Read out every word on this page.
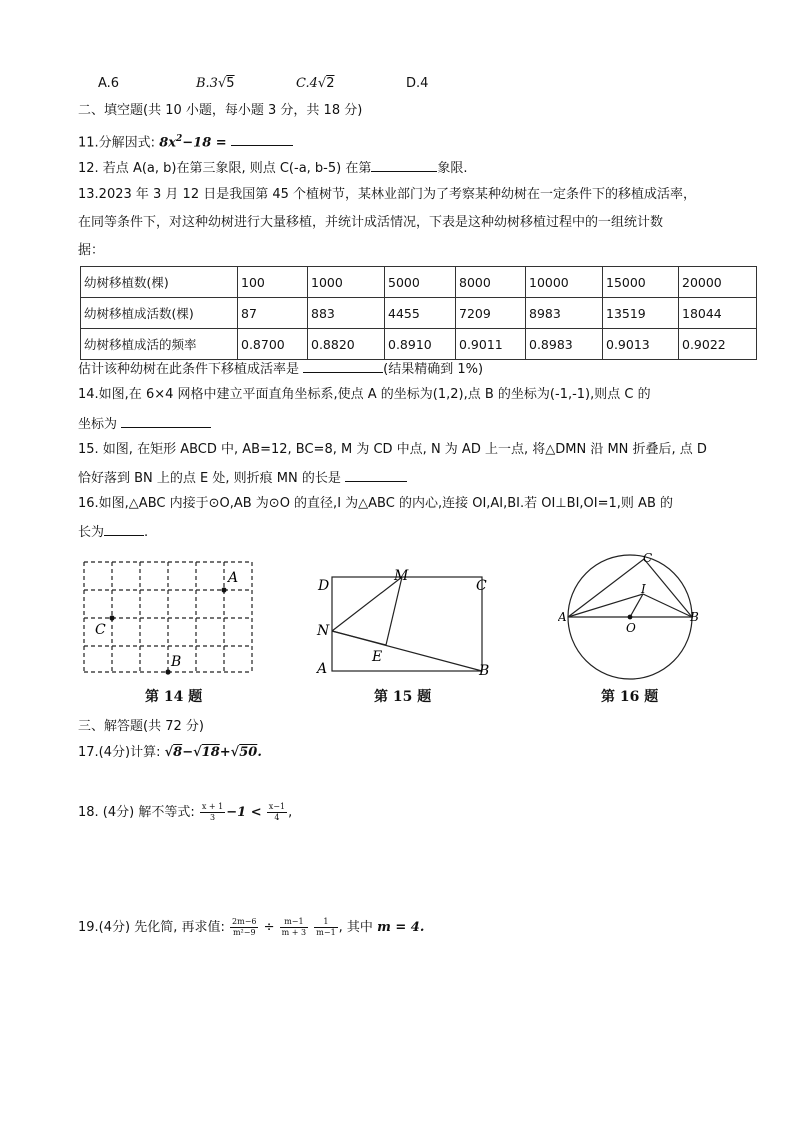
A.6	B.3√5	C.4√2	D.4
二、填空题(共 10 小题，每小题 3 分，共 18 分)
11.分解因式: $8x^2-18$ =
12. 若点 A(a, b)在第三象限, 则点 C(-a, b-5) 在第	象限.
13.2023 年 3 月 12 日是我国第 45 个植树节，某林业部门为了考察某种幼树在一定条件下的移植成活率，
在同等条件下，对这种幼树进行大量移植，并统计成活情况，下表是这种幼树移植过程中的一组统计数
据：
幼树移植数(棵)	100	1000	5000	8000	10000	15000	20000
幼树移植成活数(棵)	87	883	4455	7209	8983	13519	18044
幼树移植成活的频率	0.8700	0.8820	0.8910	0.9011	0.8983	0.9013	0.9022
估计该种幼树在此条件下移植成活率是	(结果精确到 1%)
14.如图,在 6×4 网格中建立平面直角坐标系,使点 A 的坐标为(1,2),点 B 的坐标为(-1,-1),则点 C 的
坐标为
15. 如图, 在矩形 ABCD 中, AB=12, BC=8, M 为 CD 中点, N 为 AD 上一点, 将△DMN 沿 MN 折叠后, 点 D
恰好落到 BN 上的点 E 处, 则折痕 MN 的长是
16.如图,△ABC 内接于⊙O,AB 为⊙O 的直径,I 为△ABC 的内心,连接 OI,AI,BI.若 OI⊥BI,OI=1,则 AB 的
长为	.
A
C
B
第 14 题
D	C
M
N
E
A	B
第 15 题
C
I
A	B
O
第 16 题
三、解答题(共 72 分)
17.(4分)计算: √8−√18+√50.
18. (4分) 解不等式: $\frac{x + 1}{3} -1 < \frac{x-1}{4}$ ,
19.(4分) 先化简, 再求值: $\frac{2m-6}{\text{m²−9}} \div \frac{m-1}{m + 3}$
$\frac{1}{m-1}$ , 其中 m = 4.
